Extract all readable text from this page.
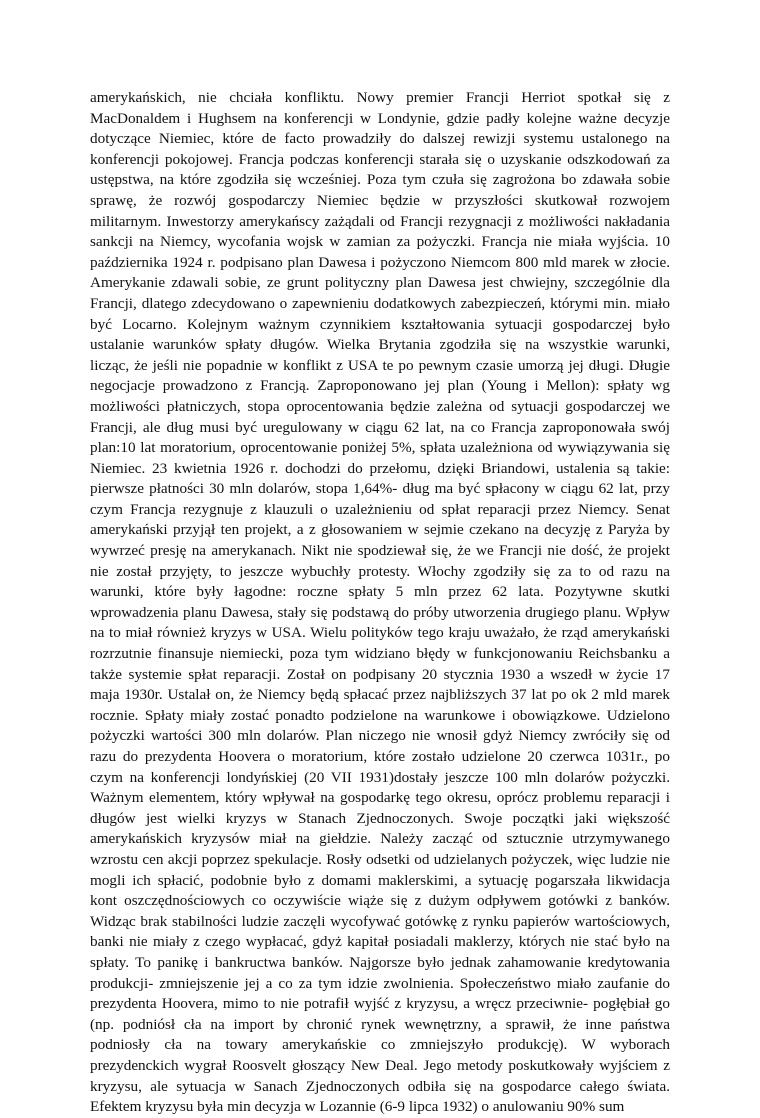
amerykańskich, nie chciała konfliktu. Nowy premier Francji Herriot spotkał się z
MacDonaldem i Hughsem na konferencji w Londynie, gdzie padły kolejne ważne decyzje
dotyczące Niemiec, które de facto prowadziły do dalszej rewizji systemu ustalonego na
konferencji pokojowej. Francja podczas konferencji starała się o uzyskanie odszkodowań za
ustępstwa, na które zgodziła się wcześniej. Poza tym czuła się zagrożona bo zdawała sobie
sprawę, że rozwój gospodarczy Niemiec będzie w przyszłości skutkował rozwojem
militarnym. Inwestorzy amerykańscy zażądali od Francji rezygnacji z możliwości nakładania
sankcji na Niemcy, wycofania wojsk w zamian za pożyczki. Francja nie miała wyjścia. 10
października 1924 r. podpisano plan Dawesa i pożyczono Niemcom 800 mld marek w złocie.
Amerykanie zdawali sobie, ze grunt polityczny plan Dawesa jest chwiejny, szczególnie dla
Francji, dlatego zdecydowano o zapewnieniu dodatkowych zabezpieczeń, którymi min. miało
być Locarno. Kolejnym ważnym czynnikiem kształtowania sytuacji gospodarczej było
ustalanie warunków spłaty długów. Wielka Brytania zgodziła się na wszystkie warunki,
licząc, że jeśli nie popadnie w konflikt z USA te po pewnym czasie umorzą jej długi. Długie
negocjacje prowadzono z Francją. Zaproponowano jej plan (Young i Mellon): spłaty wg
możliwości płatniczych, stopa oprocentowania będzie zależna od sytuacji gospodarczej we
Francji, ale dług musi być uregulowany w ciągu 62 lat, na co Francja zaproponowała swój
plan:10 lat moratorium, oprocentowanie poniżej 5%, spłata uzależniona od wywiązywania się
Niemiec. 23 kwietnia 1926 r. dochodzi do przełomu, dzięki Briandowi, ustalenia są takie:
pierwsze płatności 30 mln dolarów, stopa 1,64%- dług ma być spłacony w ciągu 62 lat, przy
czym Francja rezygnuje z klauzuli o uzależnieniu od spłat reparacji przez Niemcy. Senat
amerykański przyjął ten projekt, a z głosowaniem w sejmie czekano na decyzję z Paryża by
wywrzeć presję na amerykanach. Nikt nie spodziewał się, że we Francji nie dość, że projekt
nie został przyjęty, to jeszcze wybuchły protesty. Włochy zgodziły się za to od razu na
warunki, które były łagodne: roczne spłaty 5 mln przez 62 lata. Pozytywne skutki
wprowadzenia planu Dawesa, stały się podstawą do próby utworzenia drugiego planu. Wpływ
na to miał również kryzys w USA. Wielu polityków tego kraju uważało, że rząd amerykański
rozrzutnie finansuje niemiecki, poza tym widziano błędy w funkcjonowaniu Reichsbanku a
także systemie spłat reparacji. Został on podpisany 20 stycznia 1930 a wszedł w życie 17
maja 1930r. Ustalał on, że Niemcy będą spłacać przez najbliższych 37 lat po ok 2 mld marek
rocznie. Spłaty miały zostać ponadto podzielone na warunkowe i obowiązkowe. Udzielono
pożyczki wartości 300 mln dolarów. Plan niczego nie wnosił gdyż Niemcy zwróciły się od
razu do prezydenta Hoovera o moratorium, które zostało udzielone 20 czerwca 1031r., po
czym na konferencji londyńskiej (20 VII 1931)dostały jeszcze 100 mln dolarów pożyczki.
Ważnym elementem, który wpływał na gospodarkę tego okresu, oprócz problemu reparacji i
długów jest wielki kryzys w Stanach Zjednoczonych. Swoje początki jaki większość
amerykańskich kryzysów miał na giełdzie. Należy zacząć od sztucznie utrzymywanego
wzrostu cen akcji poprzez spekulacje. Rosły odsetki od udzielanych pożyczek, więc ludzie nie
mogli ich spłacić, podobnie było z domami maklerskimi, a sytuację pogarszała likwidacja
kont oszczędnościowych co oczywiście wiąże się z dużym odpływem gotówki z banków.
Widząc brak stabilności ludzie zaczęli wycofywać gotówkę z rynku papierów wartościowych,
banki nie miały z czego wypłacać, gdyż kapitał posiadali maklerzy, których nie stać było na
spłaty. To panikę i bankructwa banków. Najgorsze było jednak zahamowanie kredytowania
produkcji- zmniejszenie jej a co za tym idzie zwolnienia. Społeczeństwo miało zaufanie do
prezydenta Hoovera, mimo to nie potrafił wyjść z kryzysu, a wręcz przeciwnie- pogłębiał go
(np. podniósł cła na import by chronić rynek wewnętrzny, a sprawił, że inne państwa
podniosły cła na towary amerykańskie co zmniejszyło produkcję). W wyborach
prezydenckich wygrał Roosvelt głoszący New Deal. Jego metody poskutkowały wyjściem z
kryzysu, ale sytuacja w Sanach Zjednoczonych odbiła się na gospodarce całego świata.
Efektem kryzysu była min decyzja w Lozannie (6-9 lipca 1932) o anulowaniu 90% sum
